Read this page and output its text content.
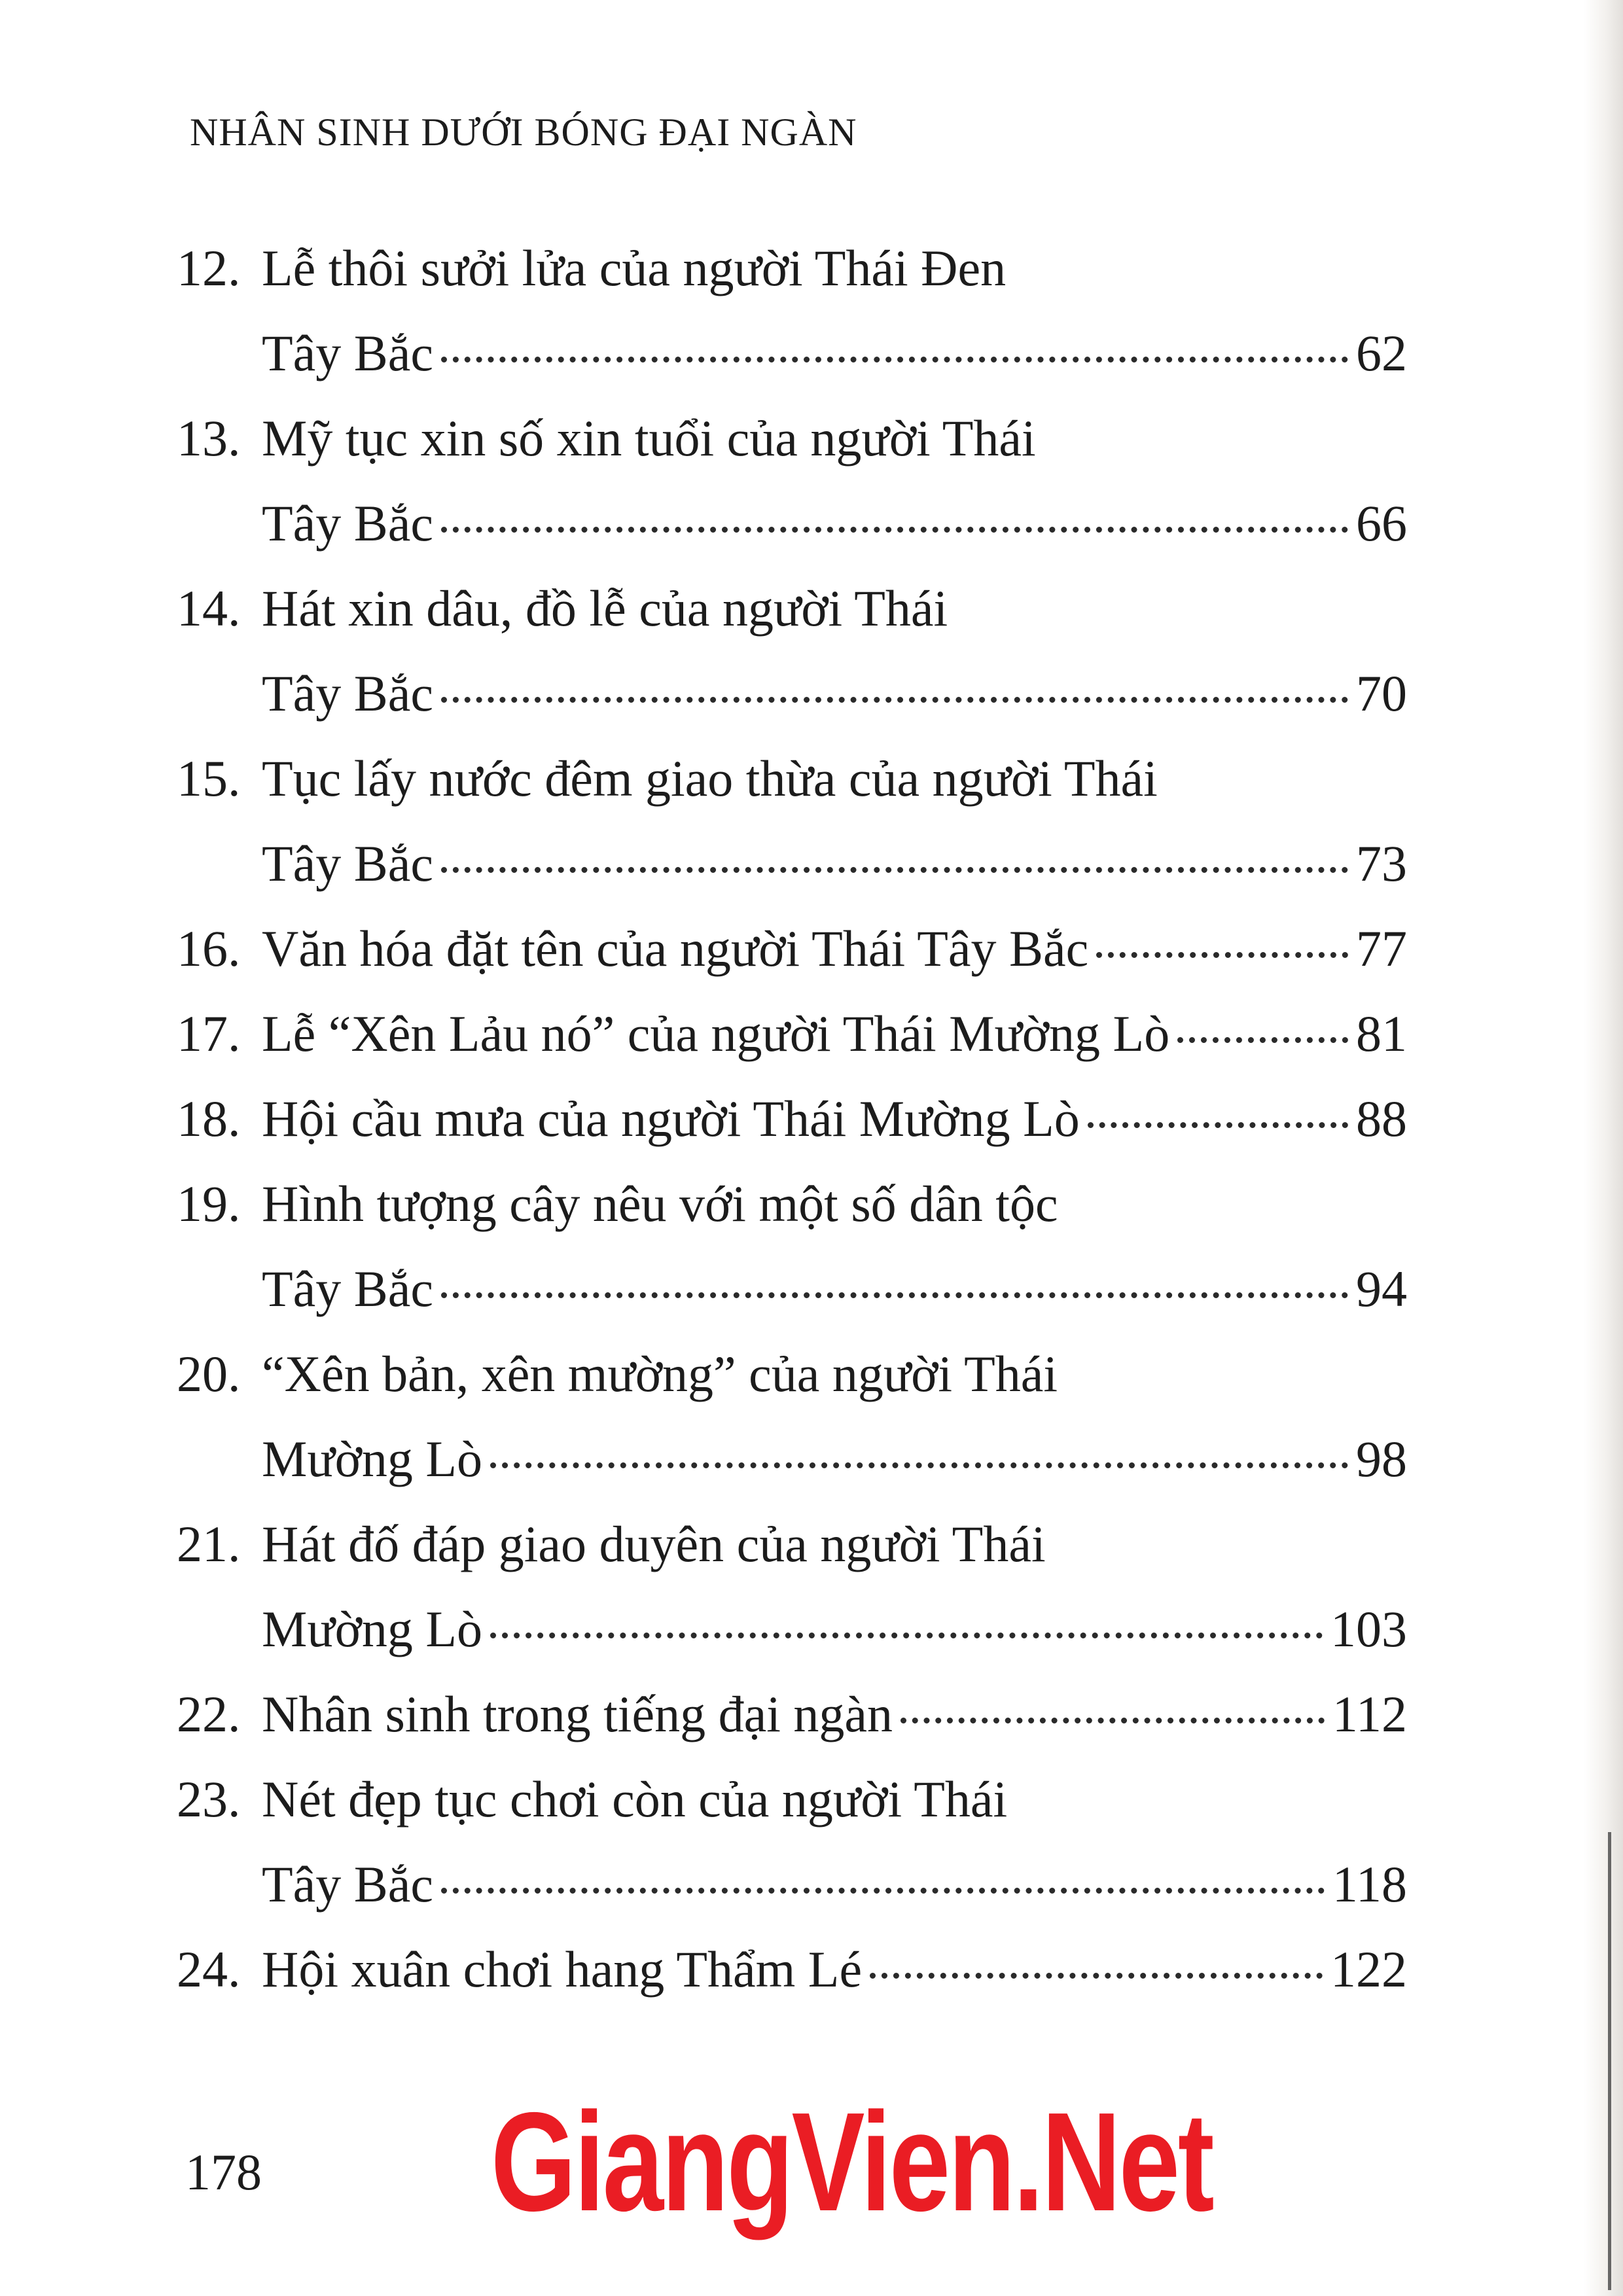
NHÂN SINH DƯỚI BÓNG ĐẠI NGÀN
12. Lễ thôi sưởi lửa của người Thái Đen
Tây Bắc	62
13. Mỹ tục xin số xin tuổi của người Thái
Tây Bắc	66
14. Hát xin dâu, đồ lễ của người Thái
Tây Bắc	70
15. Tục lấy nước đêm giao thừa của người Thái
Tây Bắc	73
16. Văn hóa đặt tên của người Thái Tây Bắc	77
17. Lễ “Xên Lảu nó” của người Thái Mường Lò	81
18. Hội cầu mưa của người Thái Mường Lò	88
19. Hình tượng cây nêu với một số dân tộc
Tây Bắc	94
20. “Xên bản, xên mường” của người Thái
Mường Lò	98
21. Hát đố đáp giao duyên của người Thái
Mường Lò	103
22. Nhân sinh trong tiếng đại ngàn	112
23. Nét đẹp tục chơi còn của người Thái
Tây Bắc	118
24. Hội xuân chơi hang Thẩm Lé	122
178 GiangVien.Net
